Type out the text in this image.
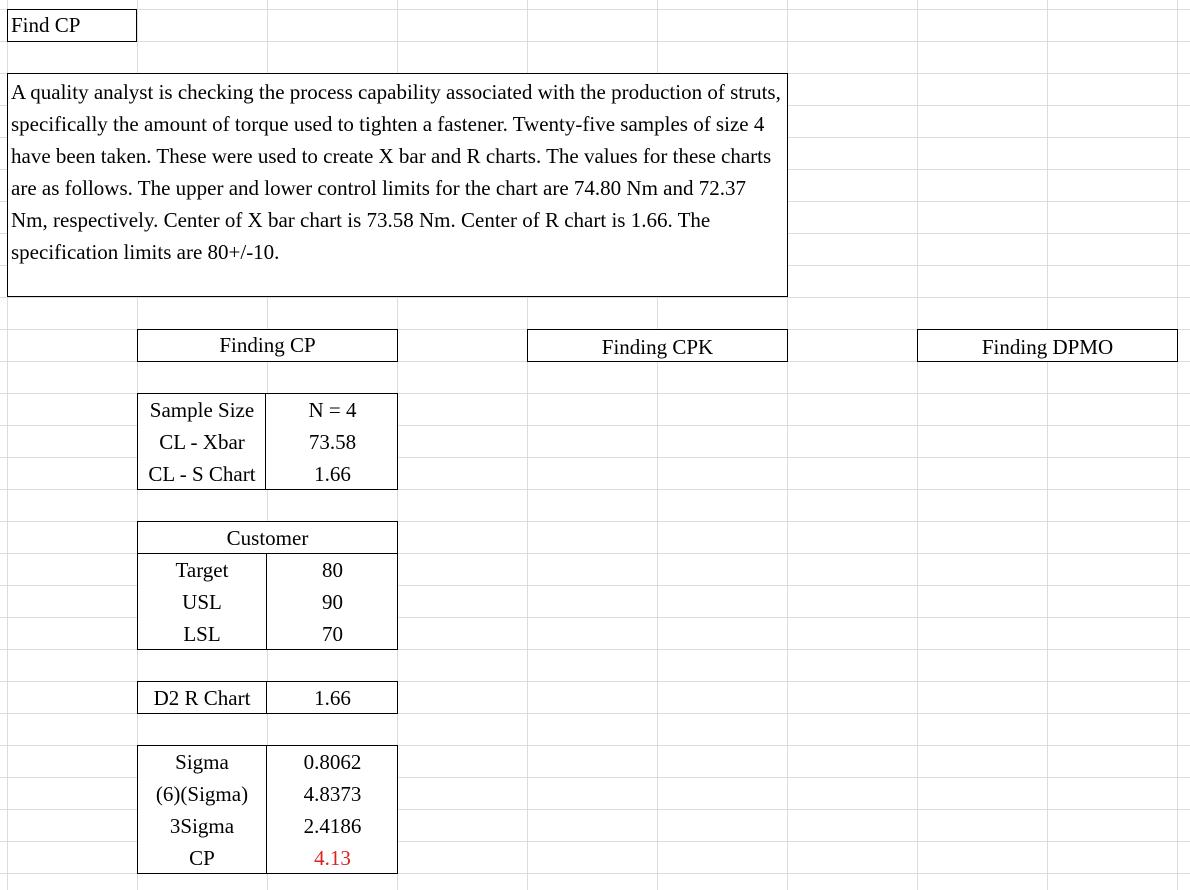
Find CP
A quality analyst is checking the process capability associated with the production of struts, specifically the amount of torque used to tighten a fastener. Twenty-five samples of size 4 have been taken. These were used to create X bar and R charts. The values for these charts are as follows. The upper and lower control limits for the chart are 74.80 Nm and 72.37 Nm, respectively. Center of X bar chart is 73.58 Nm. Center of R chart is 1.66. The specification limits are 80+/-10.
Finding CP	Finding CPK	Finding DPMO
Sample Size	N = 4
CL - Xbar	73.58
CL - S Chart	1.66
Customer
Target	80
USL	90
LSL	70
D2 R Chart	1.66
Sigma	0.8062
(6)(Sigma)	4.8373
3Sigma	2.4186
CP	4.13
